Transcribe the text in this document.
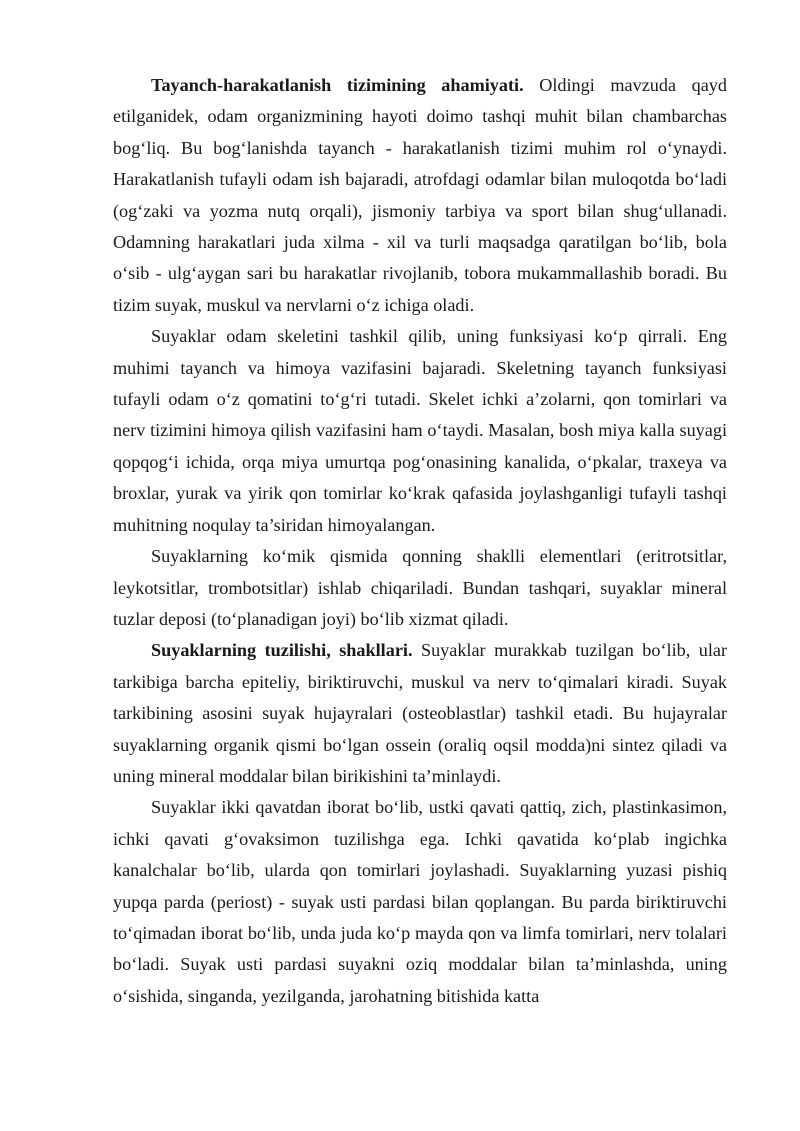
Tayanch-harakatlanish tizimining ahamiyati. Oldingi mavzuda qayd etilganidek, odam organizmining hayoti doimo tashqi muhit bilan chambarchas bog‘liq. Bu bog‘lanishda tayanch - harakatlanish tizimi muhim rol o‘ynaydi. Harakatlanish tufayli odam ish bajaradi, atrofdagi odamlar bilan muloqotda bo‘ladi (og‘zaki va yozma nutq orqali), jismoniy tarbiya va sport bilan shug‘ullanadi. Odamning harakatlari juda xilma - xil va turli maqsadga qaratilgan bo‘lib, bola o‘sib - ulg‘aygan sari bu harakatlar rivojlanib, tobora mukammallashib boradi. Bu tizim suyak, muskul va nervlarni o‘z ichiga oladi.

Suyaklar odam skeletini tashkil qilib, uning funksiyasi ko‘p qirrali. Eng muhimi tayanch va himoya vazifasini bajaradi. Skeletning tayanch funksiyasi tufayli odam o‘z qomatini to‘g‘ri tutadi. Skelet ichki a’zolarni, qon tomirlari va nerv tizimini himoya qilish vazifasini ham o‘taydi. Masalan, bosh miya kalla suyagi qopqog‘i ichida, orqa miya umurtqa pog‘onasining kanalida, o‘pkalar, traxeya va broxlar, yurak va yirik qon tomirlar ko‘krak qafasida joylashganligi tufayli tashqi muhitning noqulay ta’siridan himoyalangan.

Suyaklarning ko‘mik qismida qonning shaklli elementlari (eritrotsitlar, leykotsitlar, trombotsitlar) ishlab chiqariladi. Bundan tashqari, suyaklar mineral tuzlar deposi (to‘planadigan joyi) bo‘lib xizmat qiladi.

Suyaklarning tuzilishi, shakllari. Suyaklar murakkab tuzilgan bo‘lib, ular tarkibiga barcha epiteliy, biriktiruvchi, muskul va nerv to‘qimalari kiradi. Suyak tarkibining asosini suyak hujayralari (osteoblastlar) tashkil etadi. Bu hujayralar suyaklarning organik qismi bo‘lgan ossein (oraliq oqsil modda)ni sintez qiladi va uning mineral moddalar bilan birikishini ta’minlaydi.

Suyaklar ikki qavatdan iborat bo‘lib, ustki qavati qattiq, zich, plastinkasimon, ichki qavati g‘ovaksimon tuzilishga ega. Ichki qavatida ko‘plab ingichka kanalchalar bo‘lib, ularda qon tomirlari joylashadi. Suyaklarning yuzasi pishiq yupqa parda (periost) - suyak usti pardasi bilan qoplangan. Bu parda biriktiruvchi to‘qimadan iborat bo‘lib, unda juda ko‘p mayda qon va limfa tomirlari, nerv tolalari bo‘ladi. Suyak usti pardasi suyakni oziq moddalar bilan ta’minlashda, uning o‘sishida, singanda, yezilganda, jarohatning bitishida katta
